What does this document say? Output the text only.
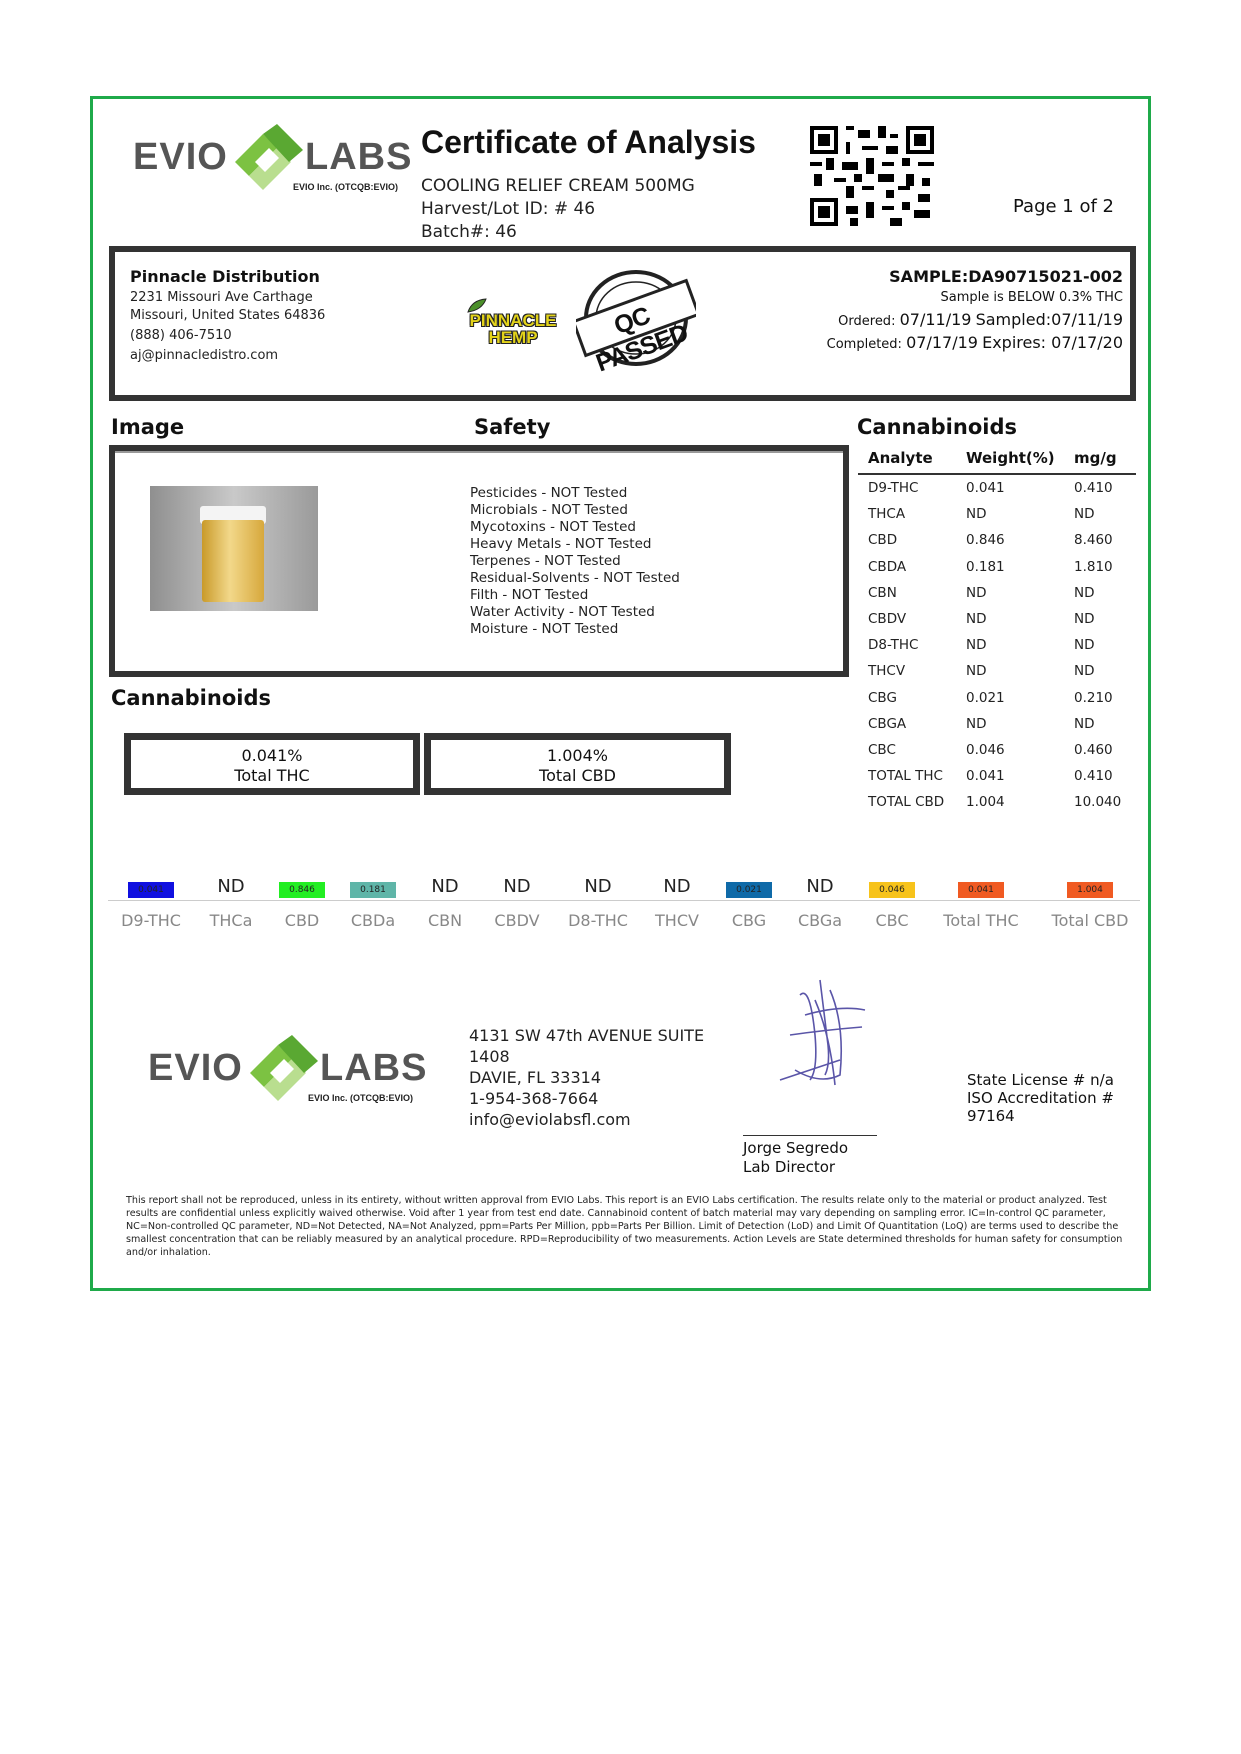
EVIO LABS
EVIO Inc. (OTCQB:EVIO)
Certificate of Analysis
COOLING RELIEF CREAM 500MG
Harvest/Lot ID: # 46
Batch#: 46
Page 1 of 2
Pinnacle Distribution
2231 Missouri Ave Carthage
Missouri, United States 64836
(888) 406-7510
aj@pinnacledistro.com
PINNACLE HEMP	QC PASSED
SAMPLE:DA90715021-002
Sample is BELOW 0.3% THC
Ordered: 07/11/19 Sampled:07/11/19
Completed: 07/17/19 Expires: 07/17/20
Image	Safety	Cannabinoids
Pesticides - NOT Tested
Microbials - NOT Tested
Mycotoxins - NOT Tested
Heavy Metals - NOT Tested
Terpenes - NOT Tested
Residual-Solvents - NOT Tested
Filth - NOT Tested
Water Activity - NOT Tested
Moisture - NOT Tested
Analyte	Weight(%)	mg/g
D9-THC	0.041	0.410
THCA	ND	ND
CBD	0.846	8.460
CBDA	0.181	1.810
CBN	ND	ND
CBDV	ND	ND
D8-THC	ND	ND
THCV	ND	ND
CBG	0.021	0.210
CBGA	ND	ND
CBC	0.046	0.460
TOTAL THC	0.041	0.410
TOTAL CBD	1.004	10.040
Cannabinoids
0.041%
Total THC
1.004%
Total CBD
0.041
D9-THC
ND
THCa
0.846
CBD
0.181
CBDa
ND
CBN
ND
CBDV
ND
D8-THC
ND
THCV
0.021
CBG
ND
CBGa
0.046
CBC
0.041
Total THC
1.004
Total CBD
EVIO LABS
EVIO Inc. (OTCQB:EVIO)
4131 SW 47th AVENUE SUITE
1408
DAVIE, FL 33314
1-954-368-7664
info@eviolabsfl.com
Jorge Segredo
Lab Director
State License # n/a
ISO Accreditation #
97164
This report shall not be reproduced, unless in its entirety, without written approval from EVIO Labs. This report is an EVIO Labs certification. The results relate only to the material or product analyzed. Test results are confidential unless explicitly waived otherwise. Void after 1 year from test end date. Cannabinoid content of batch material may vary depending on sampling error. IC=In-control QC parameter, NC=Non-controlled QC parameter, ND=Not Detected, NA=Not Analyzed, ppm=Parts Per Million, ppb=Parts Per Billion. Limit of Detection (LoD) and Limit Of Quantitation (LoQ) are terms used to describe the smallest concentration that can be reliably measured by an analytical procedure. RPD=Reproducibility of two measurements. Action Levels are State determined thresholds for human safety for consumption and/or inhalation.
